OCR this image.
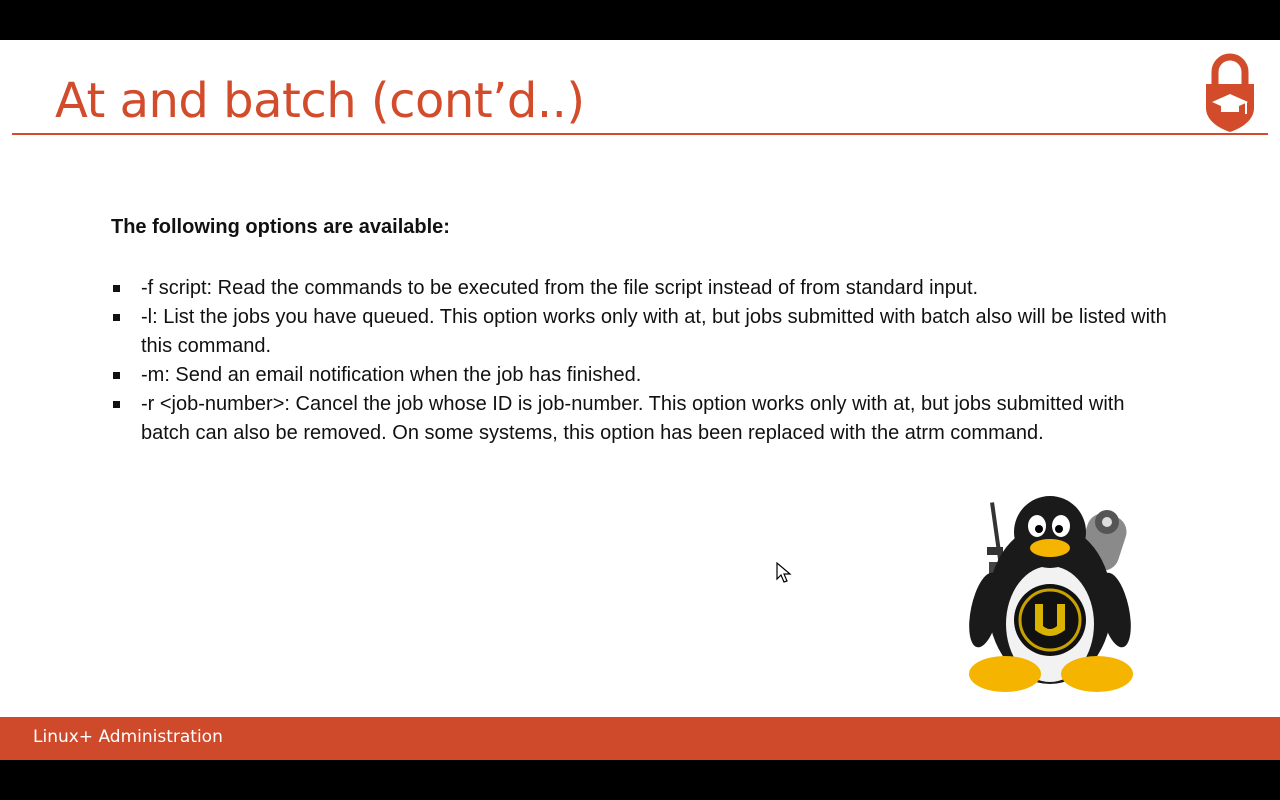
At and batch (cont’d..)

The following options are available:

-f script: Read the commands to be executed from the file script instead of from standard input.
-l: List the jobs you have queued. This option works only with at, but jobs submitted with batch also will be listed with this command.
-m: Send an email notification when the job has finished.
-r <job-number>: Cancel the job whose ID is job-number. This option works only with at, but jobs submitted with batch can also be removed. On some systems, this option has been replaced with the atrm command.
Linux+ Administration
